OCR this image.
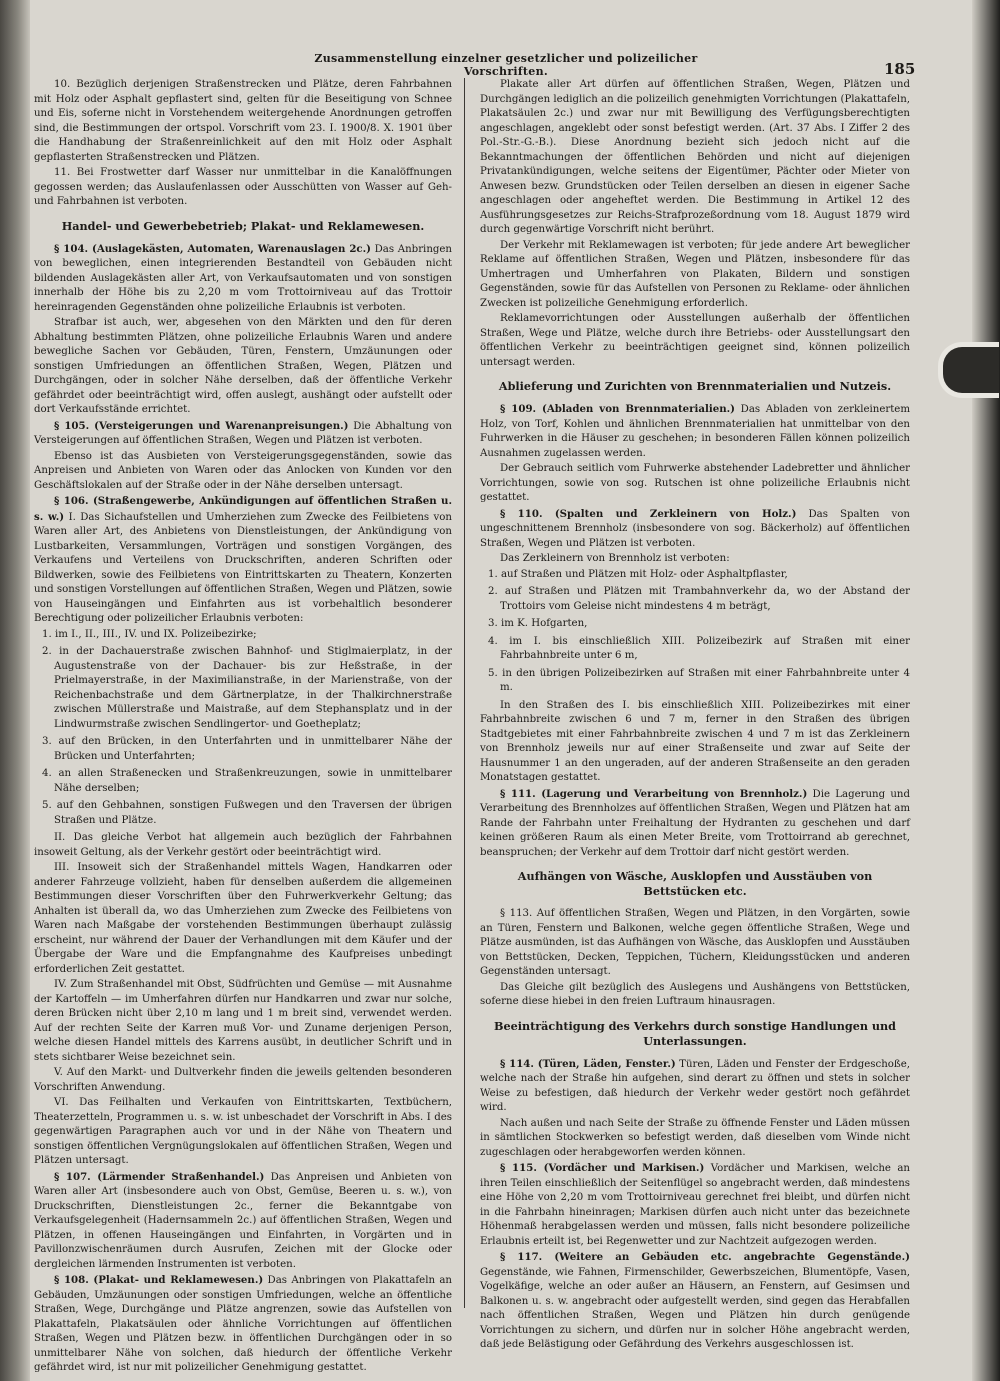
Zusammenstellung einzelner gesetzlicher und polizeilicher Vorschriften.	185

10. Bezüglich derjenigen Straßenstrecken und Plätze, deren Fahrbahnen mit Holz oder Asphalt gepflastert sind, gelten für die Beseitigung von Schnee und Eis, soferne nicht in Vorstehendem weitergehende Anordnungen getroffen sind, die Bestimmungen der ortspol. Vorschrift vom 23. I. 1900/8. X. 1901 über die Handhabung der Straßenreinlichkeit auf den mit Holz oder Asphalt gepflasterten Straßenstrecken und Plätzen.

11. Bei Frostwetter darf Wasser nur unmittelbar in die Kanalöffnungen gegossen werden; das Auslaufenlassen oder Ausschütten von Wasser auf Geh- und Fahrbahnen ist verboten.

Handel- und Gewerbebetrieb; Plakat- und Reklamewesen.

§ 104. (Auslagekästen, Automaten, Warenauslagen 2c.) Das Anbringen von beweglichen, einen integrierenden Bestandteil von Gebäuden nicht bildenden Auslagekästen aller Art, von Verkaufsautomaten und von sonstigen innerhalb der Höhe bis zu 2,20 m vom Trottoirniveau auf das Trottoir hereinragenden Gegenständen ohne polizeiliche Erlaubnis ist verboten.

Strafbar ist auch, wer, abgesehen von den Märkten und den für deren Abhaltung bestimmten Plätzen, ohne polizeiliche Erlaubnis Waren und andere bewegliche Sachen vor Gebäuden, Türen, Fenstern, Umzäunungen oder sonstigen Umfriedungen an öffentlichen Straßen, Wegen, Plätzen und Durchgängen, oder in solcher Nähe derselben, daß der öffentliche Verkehr gefährdet oder beeinträchtigt wird, offen auslegt, aushängt oder aufstellt oder dort Verkaufsstände errichtet.

§ 105. (Versteigerungen und Warenanpreisungen.) Die Abhaltung von Versteigerungen auf öffentlichen Straßen, Wegen und Plätzen ist verboten.

Ebenso ist das Ausbieten von Versteigerungsgegenständen, sowie das Anpreisen und Anbieten von Waren oder das Anlocken von Kunden vor den Geschäftslokalen auf der Straße oder in der Nähe derselben untersagt.

§ 106. (Straßengewerbe, Ankündigungen auf öffentlichen Straßen u. s. w.) I. Das Sichaufstellen und Umherziehen zum Zwecke des Feilbietens von Waren aller Art, des Anbietens von Dienstleistungen, der Ankündigung von Lustbarkeiten, Versammlungen, Vorträgen und sonstigen Vorgängen, des Verkaufens und Verteilens von Druckschriften, anderen Schriften oder Bildwerken, sowie des Feilbietens von Eintrittskarten zu Theatern, Konzerten und sonstigen Vorstellungen auf öffentlichen Straßen, Wegen und Plätzen, sowie von Hauseingängen und Einfahrten aus ist vorbehaltlich besonderer Berechtigung oder polizeilicher Erlaubnis verboten:

1. im I., II., III., IV. und IX. Polizeibezirke;
2. in der Dachauerstraße zwischen Bahnhof- und Stiglmaierplatz, in der Augustenstraße von der Dachauer- bis zur Heßstraße, in der Prielmayerstraße, in der Maximilianstraße, in der Marienstraße, von der Reichenbachstraße und dem Gärtnerplatze, in der Thalkirchnerstraße zwischen Müllerstraße und Maistraße, auf dem Stephansplatz und in der Lindwurmstraße zwischen Sendlingertor- und Goetheplatz;
3. auf den Brücken, in den Unterfahrten und in unmittelbarer Nähe der Brücken und Unterfahrten;
4. an allen Straßenecken und Straßenkreuzungen, sowie in unmittelbarer Nähe derselben;
5. auf den Gehbahnen, sonstigen Fußwegen und den Traversen der übrigen Straßen und Plätze.

II. Das gleiche Verbot hat allgemein auch bezüglich der Fahrbahnen insoweit Geltung, als der Verkehr gestört oder beeinträchtigt wird.

III. Insoweit sich der Straßenhandel mittels Wagen, Handkarren oder anderer Fahrzeuge vollzieht, haben für denselben außerdem die allgemeinen Bestimmungen dieser Vorschriften über den Fuhrwerkverkehr Geltung; das Anhalten ist überall da, wo das Umherziehen zum Zwecke des Feilbietens von Waren nach Maßgabe der vorstehenden Bestimmungen überhaupt zulässig erscheint, nur während der Dauer der Verhandlungen mit dem Käufer und der Übergabe der Ware und die Empfangnahme des Kaufpreises unbedingt erforderlichen Zeit gestattet.

IV. Zum Straßenhandel mit Obst, Südfrüchten und Gemüse — mit Ausnahme der Kartoffeln — im Umherfahren dürfen nur Handkarren und zwar nur solche, deren Brücken nicht über 2,10 m lang und 1 m breit sind, verwendet werden. Auf der rechten Seite der Karren muß Vor- und Zuname derjenigen Person, welche diesen Handel mittels des Karrens ausübt, in deutlicher Schrift und in stets sichtbarer Weise bezeichnet sein.

V. Auf den Markt- und Dultverkehr finden die jeweils geltenden besonderen Vorschriften Anwendung.

VI. Das Feilhalten und Verkaufen von Eintrittskarten, Textbüchern, Theaterzetteln, Programmen u. s. w. ist unbeschadet der Vorschrift in Abs. I des gegenwärtigen Paragraphen auch vor und in der Nähe von Theatern und sonstigen öffentlichen Vergnügungslokalen auf öffentlichen Straßen, Wegen und Plätzen untersagt.

§ 107. (Lärmender Straßenhandel.) Das Anpreisen und Anbieten von Waren aller Art (insbesondere auch von Obst, Gemüse, Beeren u. s. w.), von Druckschriften, Dienstleistungen 2c., ferner die Bekanntgabe von Verkaufsgelegenheit (Hadernsammeln 2c.) auf öffentlichen Straßen, Wegen und Plätzen, in offenen Hauseingängen und Einfahrten, in Vorgärten und in Pavillonzwischenräumen durch Ausrufen, Zeichen mit der Glocke oder dergleichen lärmenden Instrumenten ist verboten.

§ 108. (Plakat- und Reklamewesen.) Das Anbringen von Plakattafeln an Gebäuden, Umzäunungen oder sonstigen Umfriedungen, welche an öffentliche Straßen, Wege, Durchgänge und Plätze angrenzen, sowie das Aufstellen von Plakattafeln, Plakatsäulen oder ähnliche Vorrichtungen auf öffentlichen Straßen, Wegen und Plätzen bezw. in öffentlichen Durchgängen oder in so unmittelbarer Nähe von solchen, daß hiedurch der öffentliche Verkehr gefährdet wird, ist nur mit polizeilicher Genehmigung gestattet.

Plakate aller Art dürfen auf öffentlichen Straßen, Wegen, Plätzen und Durchgängen lediglich an die polizeilich genehmigten Vorrichtungen (Plakattafeln, Plakatsäulen 2c.) und zwar nur mit Bewilligung des Verfügungsberechtigten angeschlagen, angeklebt oder sonst befestigt werden. (Art. 37 Abs. I Ziffer 2 des Pol.-Str.-G.-B.). Diese Anordnung bezieht sich jedoch nicht auf die Bekanntmachungen der öffentlichen Behörden und nicht auf diejenigen Privatankündigungen, welche seitens der Eigentümer, Pächter oder Mieter von Anwesen bezw. Grundstücken oder Teilen derselben an diesen in eigener Sache angeschlagen oder angeheftet werden. Die Bestimmung in Artikel 12 des Ausführungsgesetzes zur Reichs-Strafprozeßordnung vom 18. August 1879 wird durch gegenwärtige Vorschrift nicht berührt.

Der Verkehr mit Reklamewagen ist verboten; für jede andere Art beweglicher Reklame auf öffentlichen Straßen, Wegen und Plätzen, insbesondere für das Umhertragen und Umherfahren von Plakaten, Bildern und sonstigen Gegenständen, sowie für das Aufstellen von Personen zu Reklame- oder ähnlichen Zwecken ist polizeiliche Genehmigung erforderlich.

Reklamevorrichtungen oder Ausstellungen außerhalb der öffentlichen Straßen, Wege und Plätze, welche durch ihre Betriebs- oder Ausstellungsart den öffentlichen Verkehr zu beeinträchtigen geeignet sind, können polizeilich untersagt werden.

Ablieferung und Zurichten von Brennmaterialien und Nutzeis.

§ 109. (Abladen von Brennmaterialien.) Das Abladen von zerkleinertem Holz, von Torf, Kohlen und ähnlichen Brennmaterialien hat unmittelbar von den Fuhrwerken in die Häuser zu geschehen; in besonderen Fällen können polizeilich Ausnahmen zugelassen werden.

Der Gebrauch seitlich vom Fuhrwerke abstehender Ladebretter und ähnlicher Vorrichtungen, sowie von sog. Rutschen ist ohne polizeiliche Erlaubnis nicht gestattet.

§ 110. (Spalten und Zerkleinern von Holz.) Das Spalten von ungeschnittenem Brennholz (insbesondere von sog. Bäckerholz) auf öffentlichen Straßen, Wegen und Plätzen ist verboten.

Das Zerkleinern von Brennholz ist verboten:

1. auf Straßen und Plätzen mit Holz- oder Asphaltpflaster,
2. auf Straßen und Plätzen mit Trambahnverkehr da, wo der Abstand der Trottoirs vom Geleise nicht mindestens 4 m beträgt,
3. im K. Hofgarten,
4. im I. bis einschließlich XIII. Polizeibezirk auf Straßen mit einer Fahrbahnbreite unter 6 m,
5. in den übrigen Polizeibezirken auf Straßen mit einer Fahrbahnbreite unter 4 m.

In den Straßen des I. bis einschließlich XIII. Polizeibezirkes mit einer Fahrbahnbreite zwischen 6 und 7 m, ferner in den Straßen des übrigen Stadtgebietes mit einer Fahrbahnbreite zwischen 4 und 7 m ist das Zerkleinern von Brennholz jeweils nur auf einer Straßenseite und zwar auf Seite der Hausnummer 1 an den ungeraden, auf der anderen Straßenseite an den geraden Monatstagen gestattet.

§ 111. (Lagerung und Verarbeitung von Brennholz.) Die Lagerung und Verarbeitung des Brennholzes auf öffentlichen Straßen, Wegen und Plätzen hat am Rande der Fahrbahn unter Freihaltung der Hydranten zu geschehen und darf keinen größeren Raum als einen Meter Breite, vom Trottoirrand ab gerechnet, beanspruchen; der Verkehr auf dem Trottoir darf nicht gestört werden.

Aufhängen von Wäsche, Ausklopfen und Ausstäuben von Bettstücken etc.

§ 113. Auf öffentlichen Straßen, Wegen und Plätzen, in den Vorgärten, sowie an Türen, Fenstern und Balkonen, welche gegen öffentliche Straßen, Wege und Plätze ausmünden, ist das Aufhängen von Wäsche, das Ausklopfen und Ausstäuben von Bettstücken, Decken, Teppichen, Tüchern, Kleidungsstücken und anderen Gegenständen untersagt.

Das Gleiche gilt bezüglich des Auslegens und Aushängens von Bettstücken, soferne diese hiebei in den freien Luftraum hinausragen.

Beeinträchtigung des Verkehrs durch sonstige Handlungen und Unterlassungen.

§ 114. (Türen, Läden, Fenster.) Türen, Läden und Fenster der Erdgeschoße, welche nach der Straße hin aufgehen, sind derart zu öffnen und stets in solcher Weise zu befestigen, daß hiedurch der Verkehr weder gestört noch gefährdet wird.

Nach außen und nach Seite der Straße zu öffnende Fenster und Läden müssen in sämtlichen Stockwerken so befestigt werden, daß dieselben vom Winde nicht zugeschlagen oder herabgeworfen werden können.

§ 115. (Vordächer und Markisen.) Vordächer und Markisen, welche an ihren Teilen einschließlich der Seitenflügel so angebracht werden, daß mindestens eine Höhe von 2,20 m vom Trottoirniveau gerechnet frei bleibt, und dürfen nicht in die Fahrbahn hineinragen; Markisen dürfen auch nicht unter das bezeichnete Höhenmaß herabgelassen werden und müssen, falls nicht besondere polizeiliche Erlaubnis erteilt ist, bei Regenwetter und zur Nachtzeit aufgezogen werden.

§ 117. (Weitere an Gebäuden etc. angebrachte Gegenstände.) Gegenstände, wie Fahnen, Firmenschilder, Gewerbszeichen, Blumentöpfe, Vasen, Vogelkäfige, welche an oder außer an Häusern, an Fenstern, auf Gesimsen und Balkonen u. s. w. angebracht oder aufgestellt werden, sind gegen das Herabfallen nach öffentlichen Straßen, Wegen und Plätzen hin durch genügende Vorrichtungen zu sichern, und dürfen nur in solcher Höhe angebracht werden, daß jede Belästigung oder Gefährdung des Verkehrs ausgeschlossen ist.
